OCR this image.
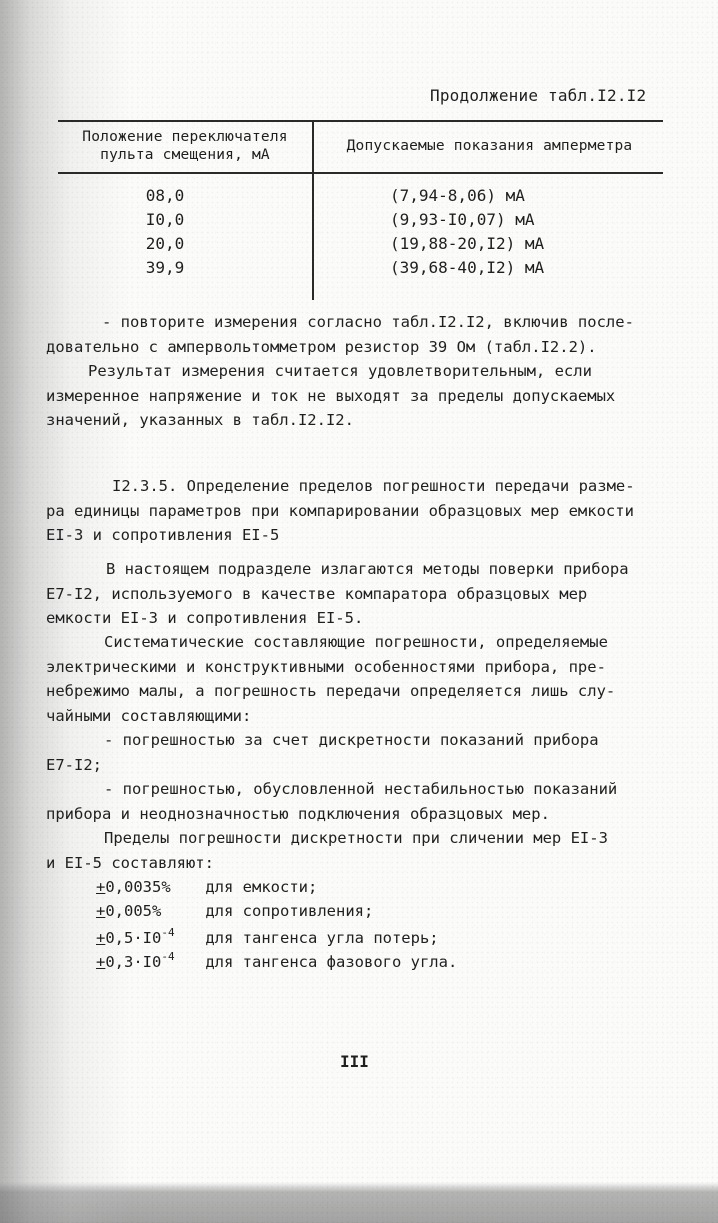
Продолжение табл.I2.I2
Положение переключателя
пульта смещения, мА
Допускаемые показания амперметра
08,0	(7,94-8,06) мА
I0,0	(9,93-I0,07) мА
20,0	(19,88-20,I2) мА
39,9	(39,68-40,I2) мА
- повторите измерения согласно табл.I2.I2, включив после-
довательно с ампервольтомметром резистор 39 Ом (табл.I2.2).
Результат измерения считается удовлетворительным, если
измеренное напряжение и ток не выходят за пределы допускаемых
значений, указанных в табл.I2.I2.
I2.3.5. Определение пределов погрешности передачи разме-
ра единицы параметров при компарировании образцовых мер емкости
ЕI-3 и сопротивления ЕI-5
В настоящем подразделе излагаются методы поверки прибора
Е7-I2, используемого в качестве компаратора образцовых мер
емкости ЕI-3 и сопротивления ЕI-5.
Систематические составляющие погрешности, определяемые
электрическими и конструктивными особенностями прибора, пре-
небрежимо малы, а погрешность передачи определяется лишь слу-
чайными составляющими:
- погрешностью за счет дискретности показаний прибора
Е7-I2;
- погрешностью, обусловленной нестабильностью показаний
прибора и неоднозначностью подключения образцовых мер.
Пределы погрешности дискретности при сличении мер ЕI-3
и ЕI-5 составляют:
+0,0035% для емкости;
+0,005%	для сопротивления;
$+0,5\cdot I0^{-4}$ для тангенса угла потерь;
$+0,3\cdot I0^{-4}$ для тангенса фазового угла.
III
